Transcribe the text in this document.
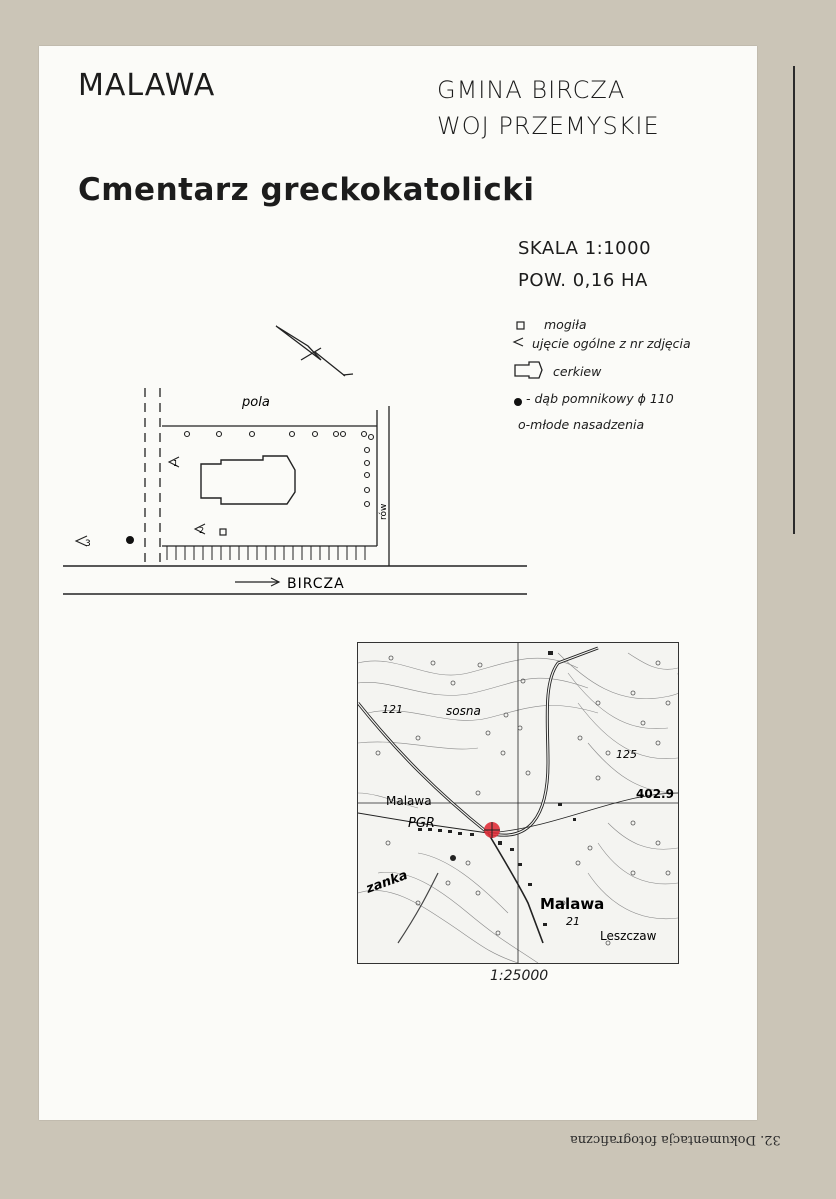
MALAWA	GMINA BIRCZA
WOJ PRZEMYSKIE
Cmentarz greckokatolicki
SKALA 1:1000
POW. 0,16 HA
mogiła
ujęcie ogólne z nr zdjęcia
cerkiew
- dąb pomnikowy ϕ 110
o-młode nasadzenia
1
2
3
BIRCZA
pola
rów
Malawa
PGR
Malawa
Leszczaw
sosna
zanka
121
125
402.9
21
1:25000
32. Dokumentacja fotograficzna
